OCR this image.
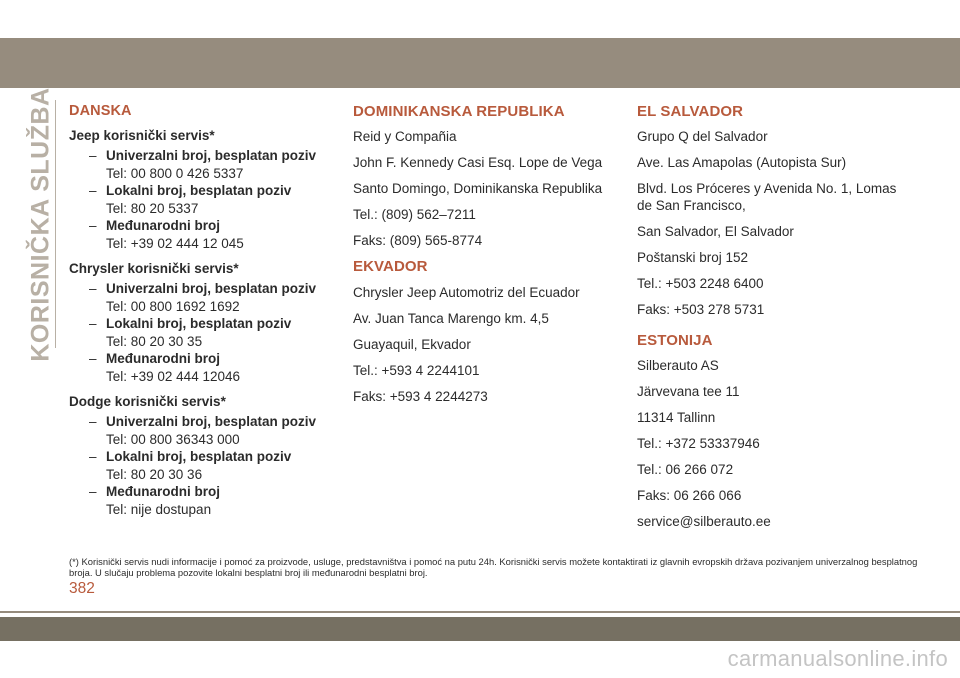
KORISNIČKA SLUŽBA DANSKA
Jeep korisnički servis*
– Univerzalni broj, besplatan poziv
Tel: 00 800 0 426 5337
– Lokalni broj, besplatan poziv
Tel: 80 20 5337
– Međunarodni broj
Tel: +39 02 444 12 045
Chrysler korisnički servis*
– Univerzalni broj, besplatan poziv
Tel: 00 800 1692 1692
– Lokalni broj, besplatan poziv
Tel: 80 20 30 35
– Međunarodni broj
Tel: +39 02 444 12046
Dodge korisnički servis*
– Univerzalni broj, besplatan poziv
Tel: 00 800 36343 000
– Lokalni broj, besplatan poziv
Tel: 80 20 30 36
– Međunarodni broj
Tel: nije dostupan
DOMINIKANSKA REPUBLIKA
Reid y Compañia
John F. Kennedy Casi Esq. Lope de Vega
Santo Domingo, Dominikanska Republika
Tel.: (809) 562–7211
Faks: (809) 565-8774
EKVADOR
Chrysler Jeep Automotriz del Ecuador
Av. Juan Tanca Marengo km. 4,5
Guayaquil, Ekvador
Tel.: +593 4 2244101
Faks: +593 4 2244273
EL SALVADOR
Grupo Q del Salvador
Ave. Las Amapolas (Autopista Sur)
Blvd. Los Próceres y Avenida No. 1, Lomas de San Francisco,
San Salvador, El Salvador
Poštanski broj 152
Tel.: +503 2248 6400
Faks: +503 278 5731
ESTONIJA
Silberauto AS
Järvevana tee 11
11314 Tallinn
Tel.: +372 53337946
Tel.: 06 266 072
Faks: 06 266 066
service@silberauto.ee
(*) Korisnički servis nudi informacije i pomoć za proizvode, usluge, predstavništva i pomoć na putu 24h. Korisnički servis možete kontaktirati iz glavnih evropskih država pozivanjem univerzalnog besplatnog broja. U slučaju problema pozovite lokalni besplatni broj ili međunarodni besplatni broj.
382
carmanualsonline.info
